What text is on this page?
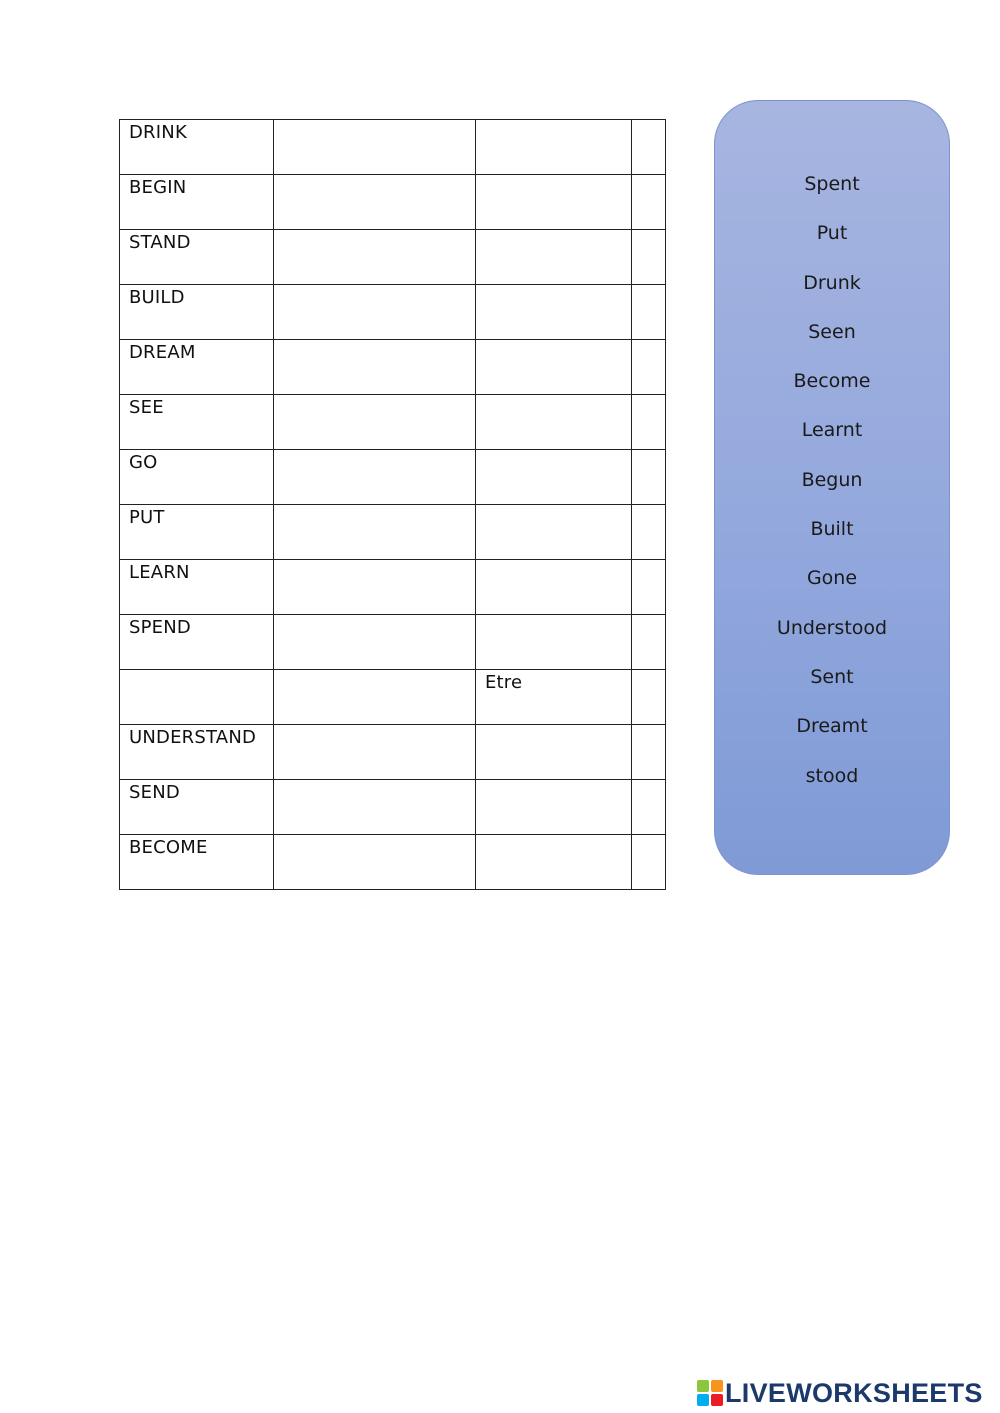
DRINK			

BEGIN			

STAND			

BUILD			

DREAM			

SEE			

GO			

PUT			

LEARN			

SPEND			

		Etre	

UNDERSTAND			

SEND			

BECOME			

Spent
Put
Drunk
Seen
Become
Learnt
Begun
Built
Gone
Understood
Sent
Dreamt
stood
LIVEWORKSHEETS
